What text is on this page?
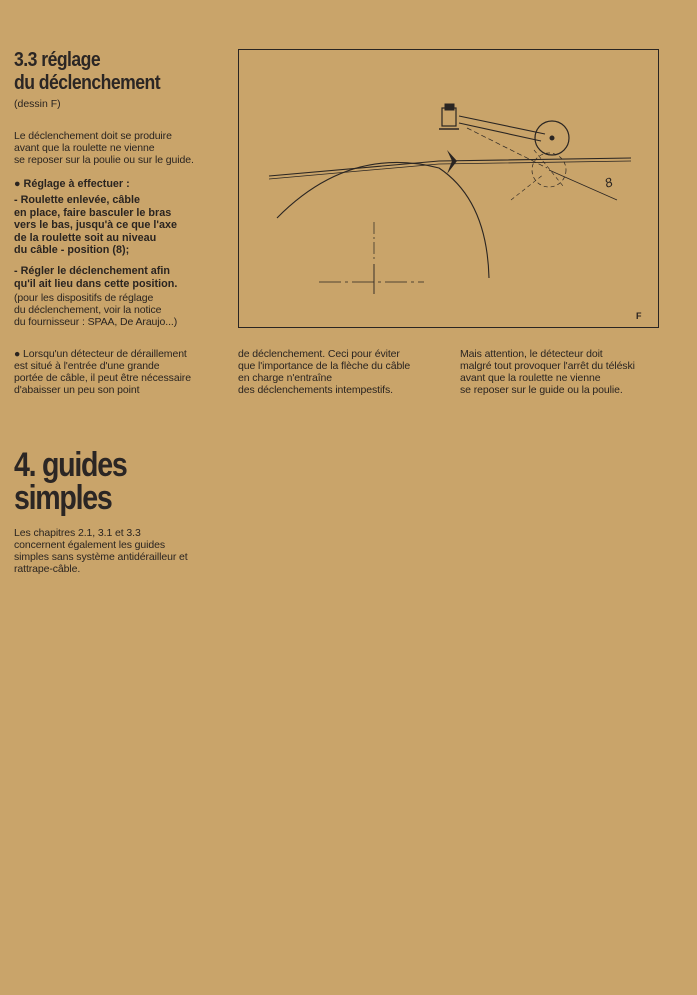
3.3 réglage
du déclenchement
(dessin F)
Le déclenchement doit se produire
avant que la roulette ne vienne
se reposer sur la poulie ou sur le guide.
● Réglage à effectuer :
- Roulette enlevée, câble
en place, faire basculer le bras
vers le bas, jusqu'à ce que l'axe
de la roulette soit au niveau
du câble - position (8);
- Régler le déclenchement afin
qu'il ait lieu dans cette position.
(pour les dispositifs de réglage
du déclenchement, voir la notice
du fournisseur : SPAA, De Araujo...)
8
F
● Lorsqu'un détecteur de déraillement
est situé à l'entrée d'une grande
portée de câble, il peut être nécessaire
d'abaisser un peu son point
de déclenchement. Ceci pour éviter
que l'importance de la flèche du câble
en charge n'entraîne
des déclenchements intempestifs.
Mais attention, le détecteur doit
malgré tout provoquer l'arrêt du téléski
avant que la roulette ne vienne
se reposer sur le guide ou la poulie.
4. guides
simples
Les chapitres 2.1, 3.1 et 3.3
concernent également les guides
simples sans système antidérailleur et
rattrape-câble.
